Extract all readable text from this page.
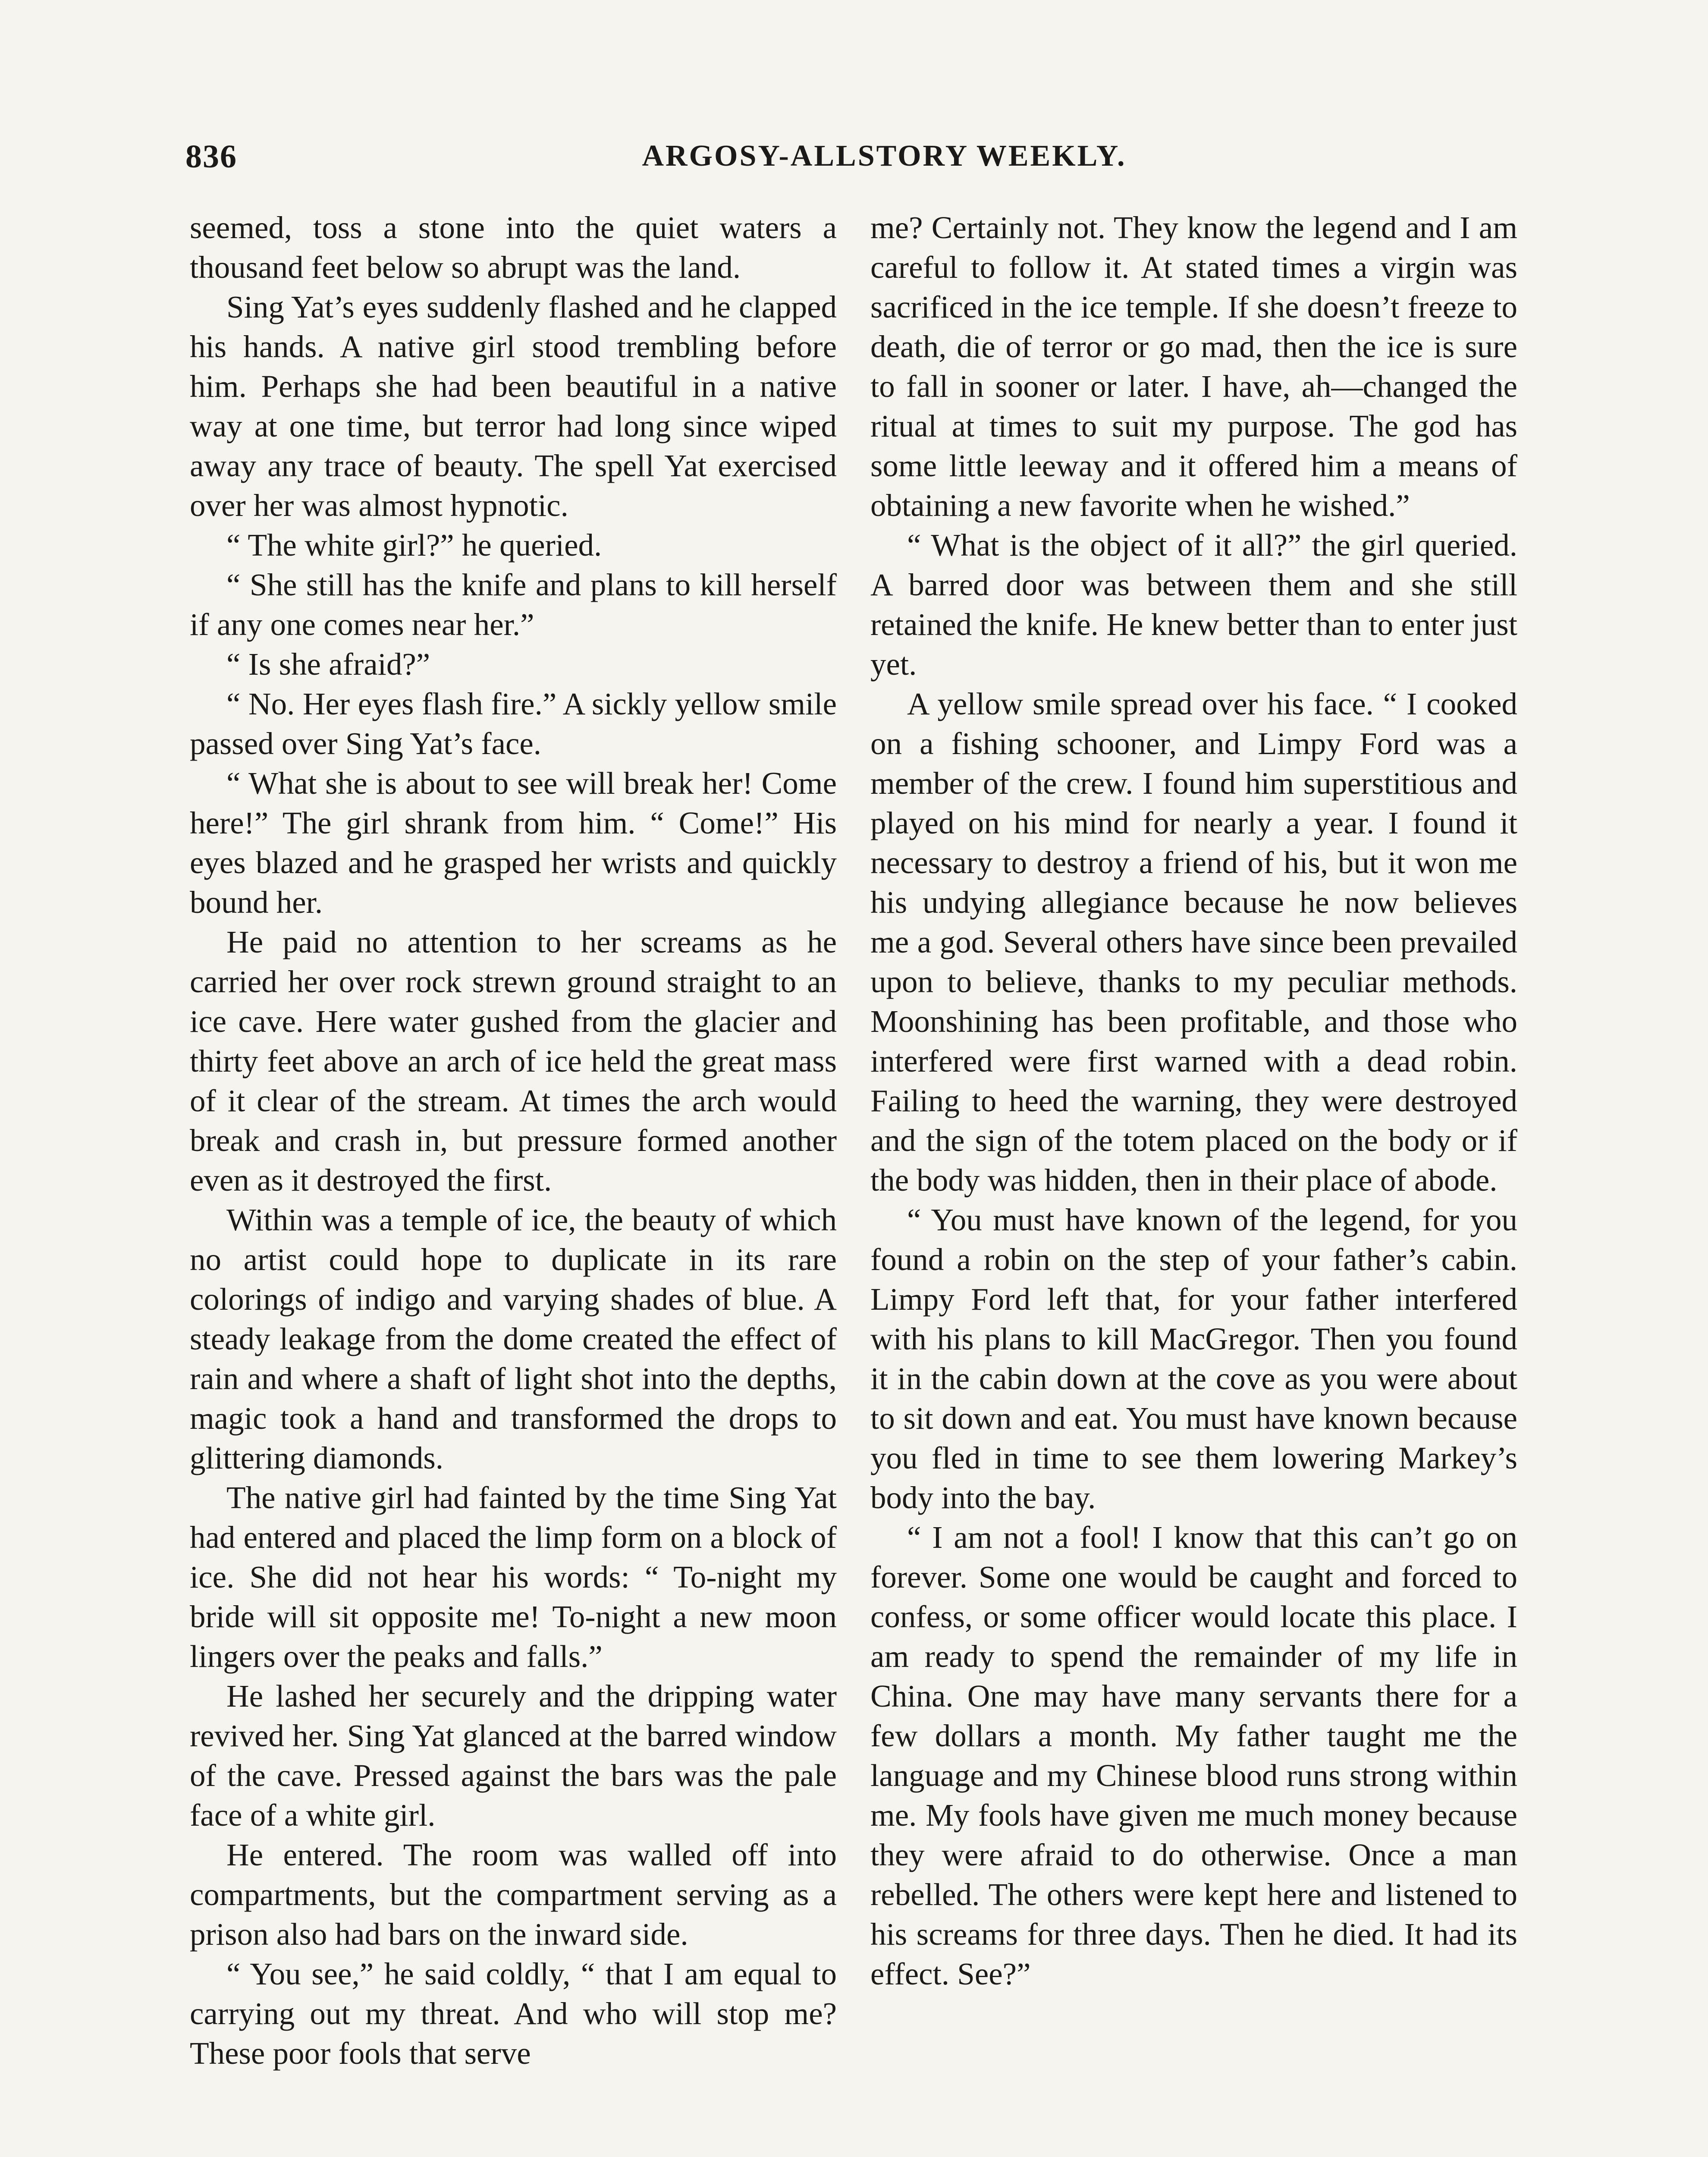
836	ARGOSY-ALLSTORY WEEKLY.

seemed, toss a stone into the quiet waters a thousand feet below so abrupt was the land.

Sing Yat’s eyes suddenly flashed and he clapped his hands. A native girl stood trembling before him. Perhaps she had been beautiful in a native way at one time, but terror had long since wiped away any trace of beauty. The spell Yat exercised over her was almost hypnotic.

“ The white girl?” he queried.

“ She still has the knife and plans to kill herself if any one comes near her.”

“ Is she afraid?”

“ No. Her eyes flash fire.” A sickly yellow smile passed over Sing Yat’s face.

“ What she is about to see will break her! Come here!” The girl shrank from him. “ Come!” His eyes blazed and he grasped her wrists and quickly bound her.

He paid no attention to her screams as he carried her over rock strewn ground straight to an ice cave. Here water gushed from the glacier and thirty feet above an arch of ice held the great mass of it clear of the stream. At times the arch would break and crash in, but pressure formed another even as it destroyed the first.

Within was a temple of ice, the beauty of which no artist could hope to duplicate in its rare colorings of indigo and varying shades of blue. A steady leakage from the dome created the effect of rain and where a shaft of light shot into the depths, magic took a hand and transformed the drops to glittering diamonds.

The native girl had fainted by the time Sing Yat had entered and placed the limp form on a block of ice. She did not hear his words: “ To-night my bride will sit opposite me! To-night a new moon lingers over the peaks and falls.”

He lashed her securely and the dripping water revived her. Sing Yat glanced at the barred window of the cave. Pressed against the bars was the pale face of a white girl.

He entered. The room was walled off into compartments, but the compartment serving as a prison also had bars on the inward side.

“ You see,” he said coldly, “ that I am equal to carrying out my threat. And who will stop me? These poor fools that serve

me? Certainly not. They know the legend and I am careful to follow it. At stated times a virgin was sacrificed in the ice temple. If she doesn’t freeze to death, die of terror or go mad, then the ice is sure to fall in sooner or later. I have, ah—changed the ritual at times to suit my purpose. The god has some little leeway and it offered him a means of obtaining a new favorite when he wished.”

“ What is the object of it all?” the girl queried. A barred door was between them and she still retained the knife. He knew better than to enter just yet.

A yellow smile spread over his face. “ I cooked on a fishing schooner, and Limpy Ford was a member of the crew. I found him superstitious and played on his mind for nearly a year. I found it necessary to destroy a friend of his, but it won me his undying allegiance because he now believes me a god. Several others have since been prevailed upon to believe, thanks to my peculiar methods. Moonshining has been profitable, and those who interfered were first warned with a dead robin. Failing to heed the warning, they were destroyed and the sign of the totem placed on the body or if the body was hidden, then in their place of abode.

“ You must have known of the legend, for you found a robin on the step of your father’s cabin. Limpy Ford left that, for your father interfered with his plans to kill MacGregor. Then you found it in the cabin down at the cove as you were about to sit down and eat. You must have known because you fled in time to see them lowering Markey’s body into the bay.

“ I am not a fool! I know that this can’t go on forever. Some one would be caught and forced to confess, or some officer would locate this place. I am ready to spend the remainder of my life in China. One may have many servants there for a few dollars a month. My father taught me the language and my Chinese blood runs strong within me. My fools have given me much money because they were afraid to do otherwise. Once a man rebelled. The others were kept here and listened to his screams for three days. Then he died. It had its effect. See?”
